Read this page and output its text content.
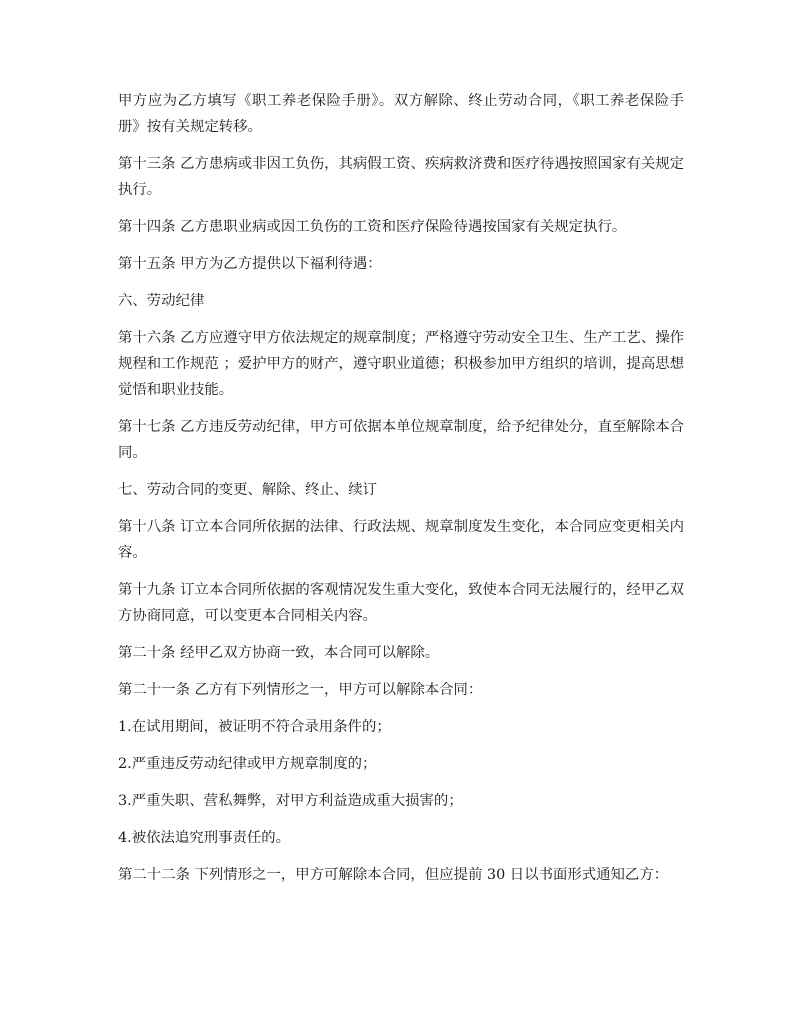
甲方应为乙方填写《职工养老保险手册》。双方解除、终止劳动合同，《职工养老保险手册》按有关规定转移。

第十三条 乙方患病或非因工负伤，其病假工资、疾病救济费和医疗待遇按照国家有关规定执行。

第十四条 乙方患职业病或因工负伤的工资和医疗保险待遇按国家有关规定执行。

第十五条 甲方为乙方提供以下福利待遇：

六、劳动纪律

第十六条 乙方应遵守甲方依法规定的规章制度；严格遵守劳动安全卫生、生产工艺、操作规程和工作规范 ；爱护甲方的财产，遵守职业道德；积极参加甲方组织的培训，提高思想觉悟和职业技能。

第十七条 乙方违反劳动纪律，甲方可依据本单位规章制度，给予纪律处分，直至解除本合同。

七、劳动合同的变更、解除、终止、续订

第十八条 订立本合同所依据的法律、行政法规、规章制度发生变化，本合同应变更相关内容。

第十九条 订立本合同所依据的客观情况发生重大变化，致使本合同无法履行的，经甲乙双方协商同意，可以变更本合同相关内容。

第二十条 经甲乙双方协商一致，本合同可以解除。

第二十一条 乙方有下列情形之一，甲方可以解除本合同：

1.在试用期间，被证明不符合录用条件的；

2.严重违反劳动纪律或甲方规章制度的；

3.严重失职、营私舞弊，对甲方利益造成重大损害的；

4.被依法追究刑事责任的。

第二十二条 下列情形之一，甲方可解除本合同，但应提前 30 日以书面形式通知乙方：
